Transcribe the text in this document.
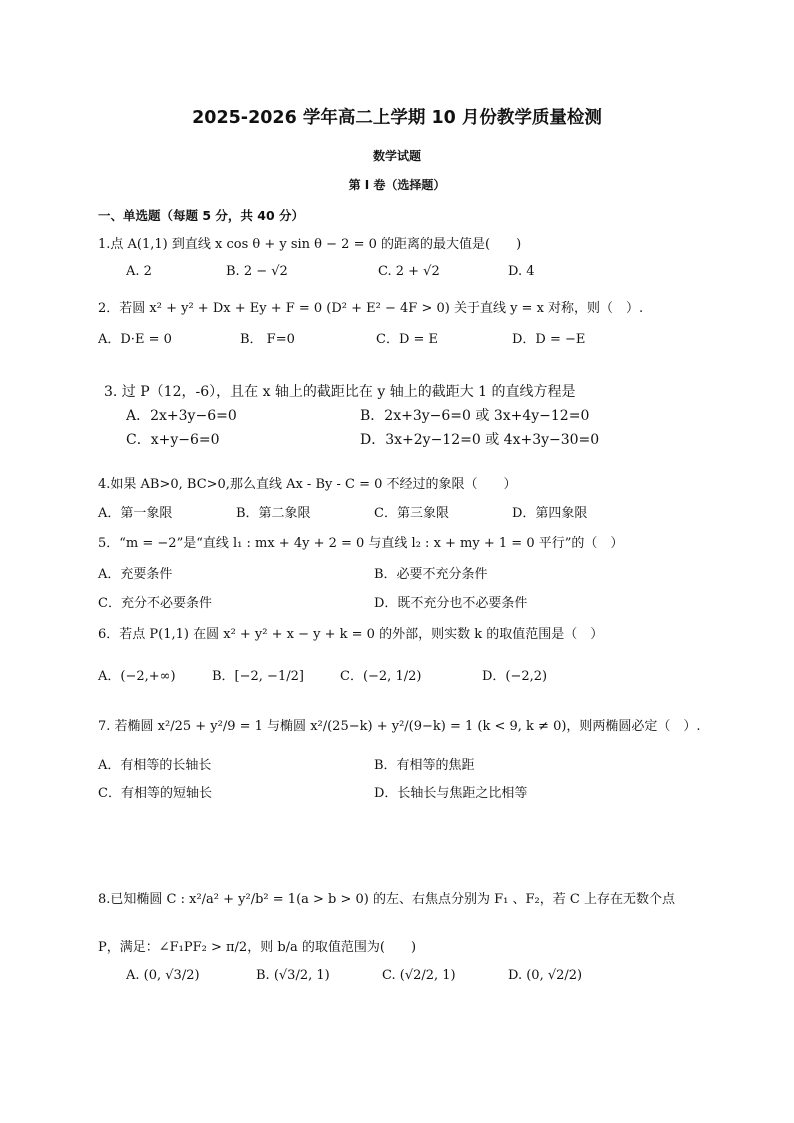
2025-2026 学年高二上学期 10 月份教学质量检测
数学试题
第 I 卷（选择题）
一、单选题（每题 5 分，共 40 分）
1.点 A(1,1) 到直线 x cos θ + y sin θ − 2 = 0 的距离的最大值是(　　)
A. 2	B. 2 − √2	C. 2 + √2	D. 4
2．若圆 x² + y² + Dx + Ey + F = 0 (D² + E² − 4F > 0) 关于直线 y = x 对称，则（　）.
A．D·E = 0	B． F=0	C．D = E	D．D = −E
3. 过 P（12，-6），且在 x 轴上的截距比在 y 轴上的截距大 1 的直线方程是
A．2x+3y−6=0	B．2x+3y−6=0 或 3x+4y−12=0
C．x+y−6=0	D．3x+2y−12=0 或 4x+3y−30=0
4.如果 AB>0, BC>0,那么直线 Ax - By - C = 0 不经过的象限（　　）
A．第一象限	B．第二象限	C．第三象限	D．第四象限
5．“m = −2”是“直线 l₁ : mx + 4y + 2 = 0 与直线 l₂ : x + my + 1 = 0 平行”的（　）
A．充要条件	B．必要不充分条件
C．充分不必要条件	D．既不充分也不必要条件
6．若点 P(1,1) 在圆 x² + y² + x − y + k = 0 的外部，则实数 k 的取值范围是（　）
A．(−2,+∞)	B．[−2, −1/2]	C．(−2, 1/2)	D．(−2,2)
7. 若椭圆 x²/25 + y²/9 = 1 与椭圆 x²/(25−k) + y²/(9−k) = 1 (k < 9, k ≠ 0)，则两椭圆必定（　）.
A．有相等的长轴长	B．有相等的焦距
C．有相等的短轴长	D．长轴长与焦距之比相等
8.已知椭圆 C : x²/a² + y²/b² = 1(a > b > 0) 的左、右焦点分别为 F₁ 、F₂，若 C 上存在无数个点 P，满足：∠F₁PF₂ > π/2，则 b/a 的取值范围为(　　)
A. (0, √3/2)	B. (√3/2, 1)	C. (√2/2, 1)	D. (0, √2/2)
